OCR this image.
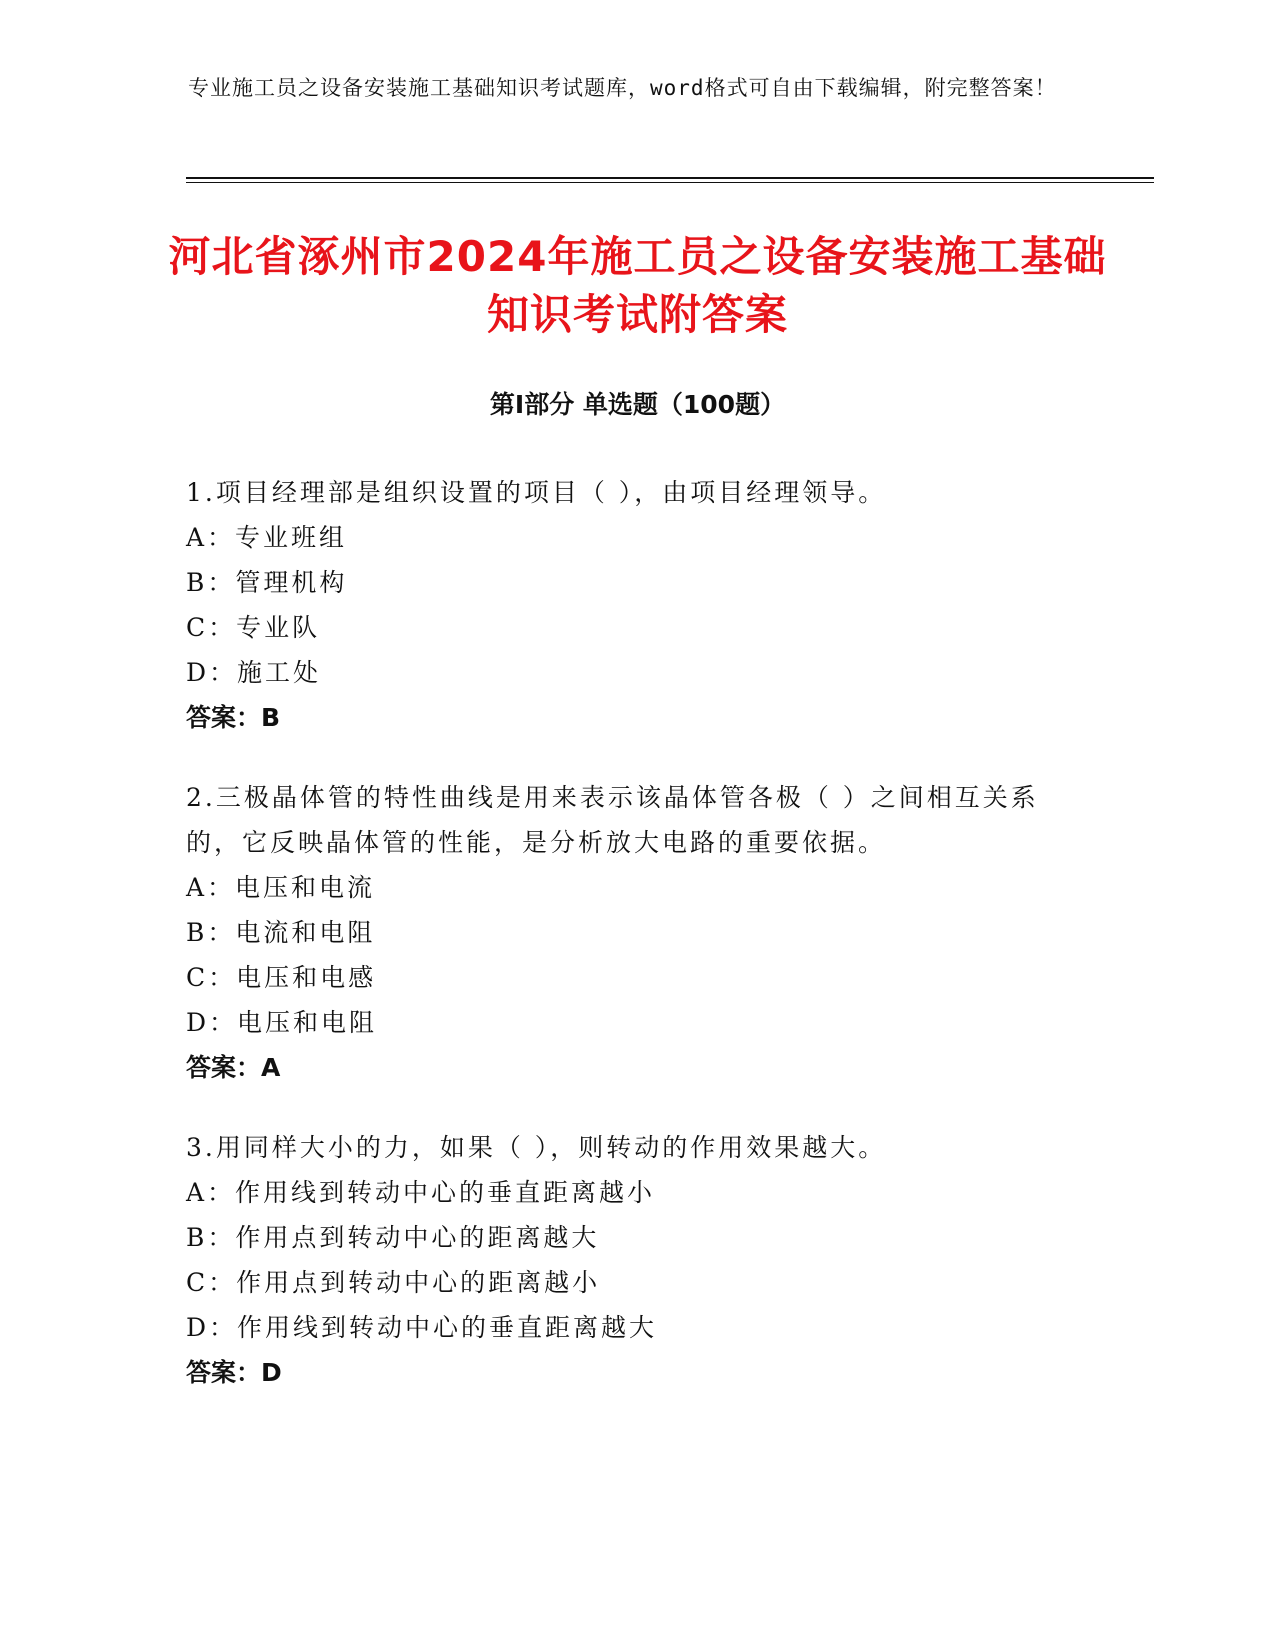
专业施工员之设备安装施工基础知识考试题库，word格式可自由下载编辑，附完整答案！
河北省涿州市2024年施工员之设备安装施工基础知识考试附答案
第Ⅰ部分 单选题（100题）
1.项目经理部是组织设置的项目（ ），由项目经理领导。
A：专业班组
B：管理机构
C：专业队
D：施工处
答案：B
2.三极晶体管的特性曲线是用来表示该晶体管各极（ ）之间相互关系的，它反映晶体管的性能，是分析放大电路的重要依据。
A：电压和电流
B：电流和电阻
C：电压和电感
D：电压和电阻
答案：A
3.用同样大小的力，如果（ ），则转动的作用效果越大。
A：作用线到转动中心的垂直距离越小
B：作用点到转动中心的距离越大
C：作用点到转动中心的距离越小
D：作用线到转动中心的垂直距离越大
答案：D
